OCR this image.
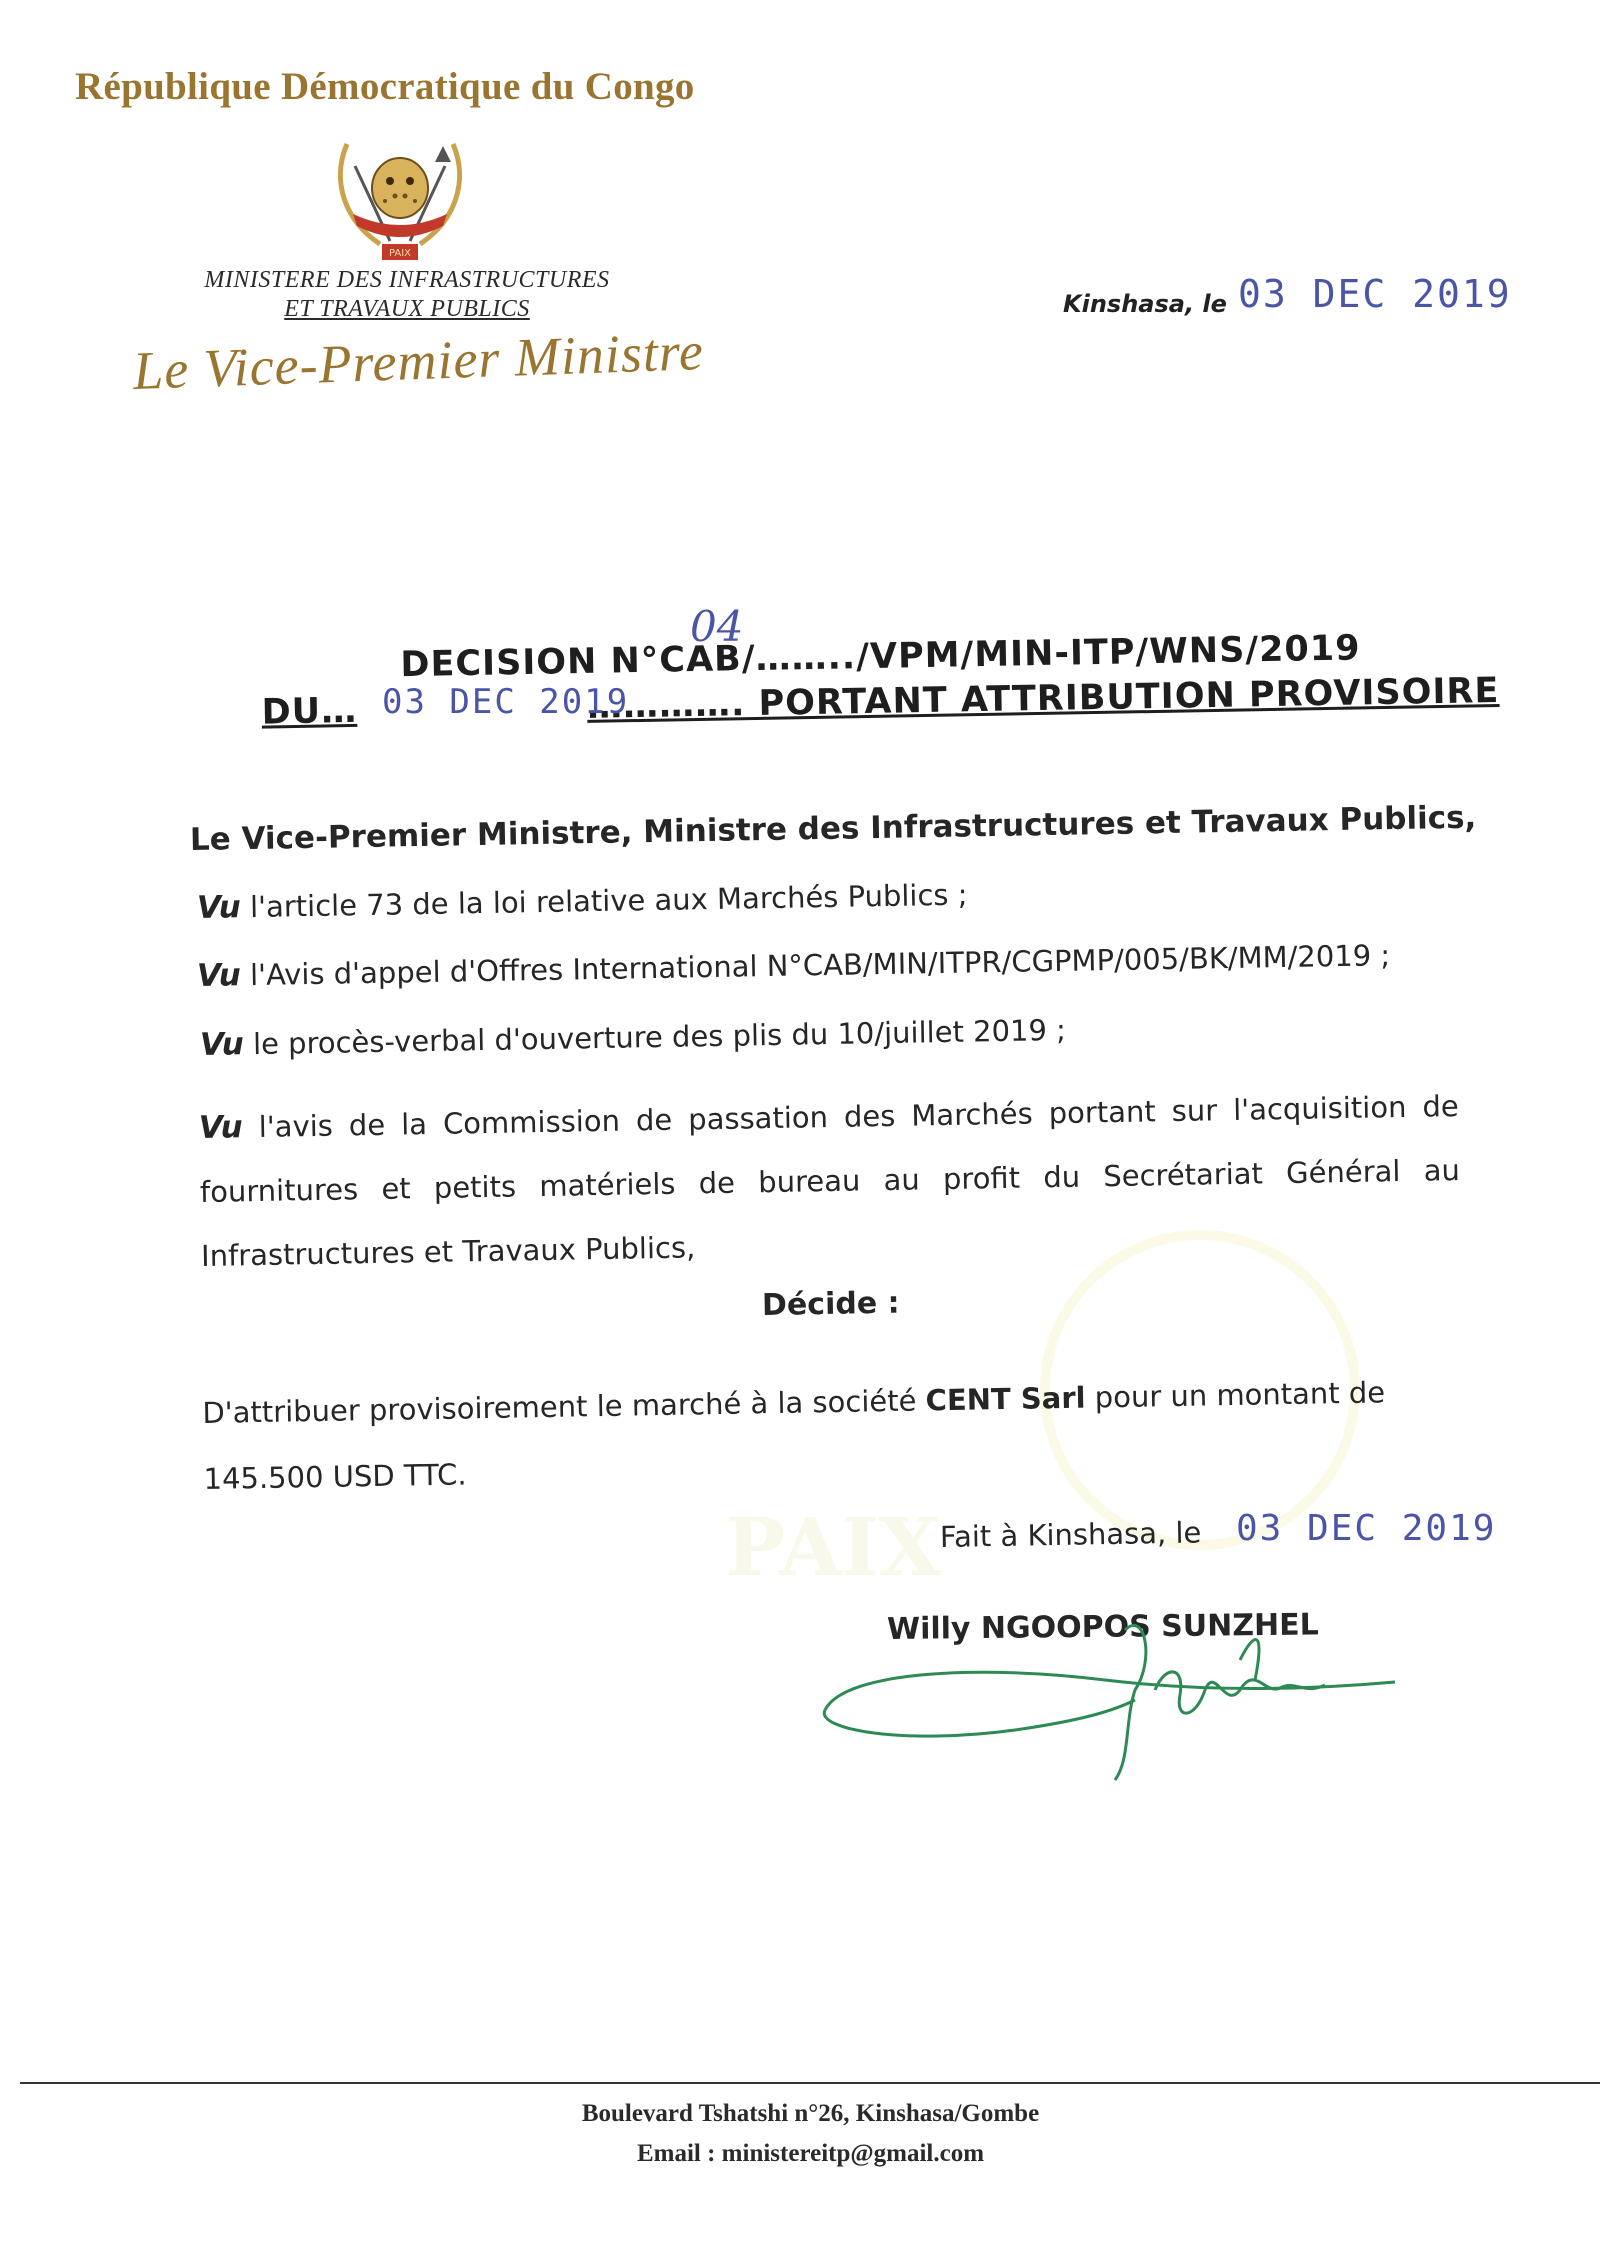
PAIX
République Démocratique du Congo
PAIX
MINISTERE DES INFRASTRUCTURES
ET TRAVAUX PUBLICS
Le Vice-Premier Ministre
Kinshasa, le 03 DEC 2019
DECISION N°CAB/……../VPM/MIN-ITP/WNS/2019
04
DU…	…………. PORTANT ATTRIBUTION PROVISOIRE
03 DEC 2019
Le Vice-Premier Ministre, Ministre des Infrastructures et Travaux Publics,
Vu l'article 73 de la loi relative aux Marchés Publics ;
Vu l'Avis d'appel d'Offres International N°CAB/MIN/ITPR/CGPMP/005/BK/MM/2019 ;
Vu le procès-verbal d'ouverture des plis du 10/juillet 2019 ;
Vu l'avis de la Commission de passation des Marchés portant sur l'acquisition de fournitures et petits matériels de bureau au profit du Secrétariat Général au Infrastructures et Travaux Publics,
Décide :
D'attribuer provisoirement le marché à la société CENT Sarl pour un montant de 145.500 USD TTC.
Fait à Kinshasa, le 03 DEC 2019
Willy NGOOPOS SUNZHEL
Boulevard Tshatshi n°26, Kinshasa/Gombe
Email : ministereitp@gmail.com
